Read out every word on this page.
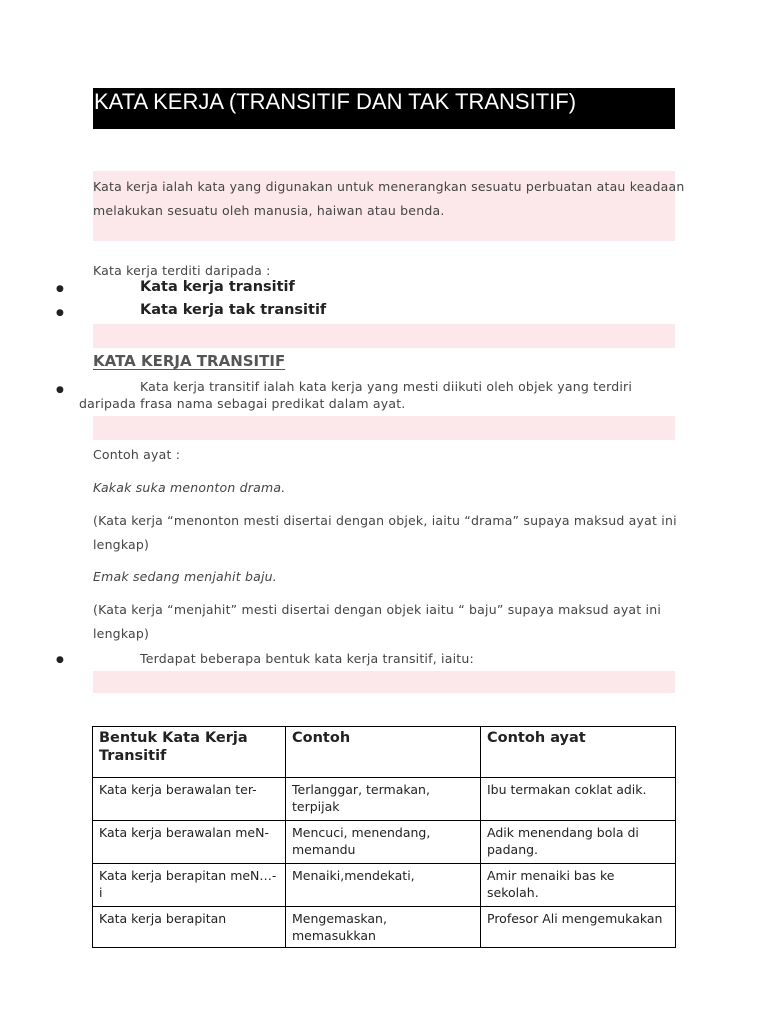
KATA KERJA (TRANSITIF DAN TAK TRANSITIF)
Kata kerja ialah kata yang digunakan untuk menerangkan sesuatu perbuatan atau keadaan
melakukan sesuatu oleh manusia, haiwan atau benda.
Kata kerja terditi daripada :
●	Kata kerja transitif
●	Kata kerja tak transitif
KATA KERJA TRANSITIF
●	Kata kerja transitif ialah kata kerja yang mesti diikuti oleh objek yang terdiri
daripada frasa nama sebagai predikat dalam ayat.
Contoh ayat :
Kakak suka menonton drama.
(Kata kerja “menonton mesti disertai dengan objek, iaitu “drama” supaya maksud ayat ini
lengkap)
Emak sedang menjahit baju.
(Kata kerja “menjahit” mesti disertai dengan objek iaitu “ baju” supaya maksud ayat ini
lengkap)
●	Terdapat beberapa bentuk kata kerja transitif, iaitu:
Bentuk Kata Kerja Transitif	Contoh	Contoh ayat
Kata kerja berawalan ter-	Terlanggar, termakan, terpijak	Ibu termakan coklat adik.
Kata kerja berawalan meN-	Mencuci, menendang, memandu	Adik menendang bola di padang.
Kata kerja berapitan meN…-i	Menaiki,mendekati,	Amir menaiki bas ke sekolah.
Kata kerja berapitan	Mengemaskan, memasukkan	Profesor Ali mengemukakan
